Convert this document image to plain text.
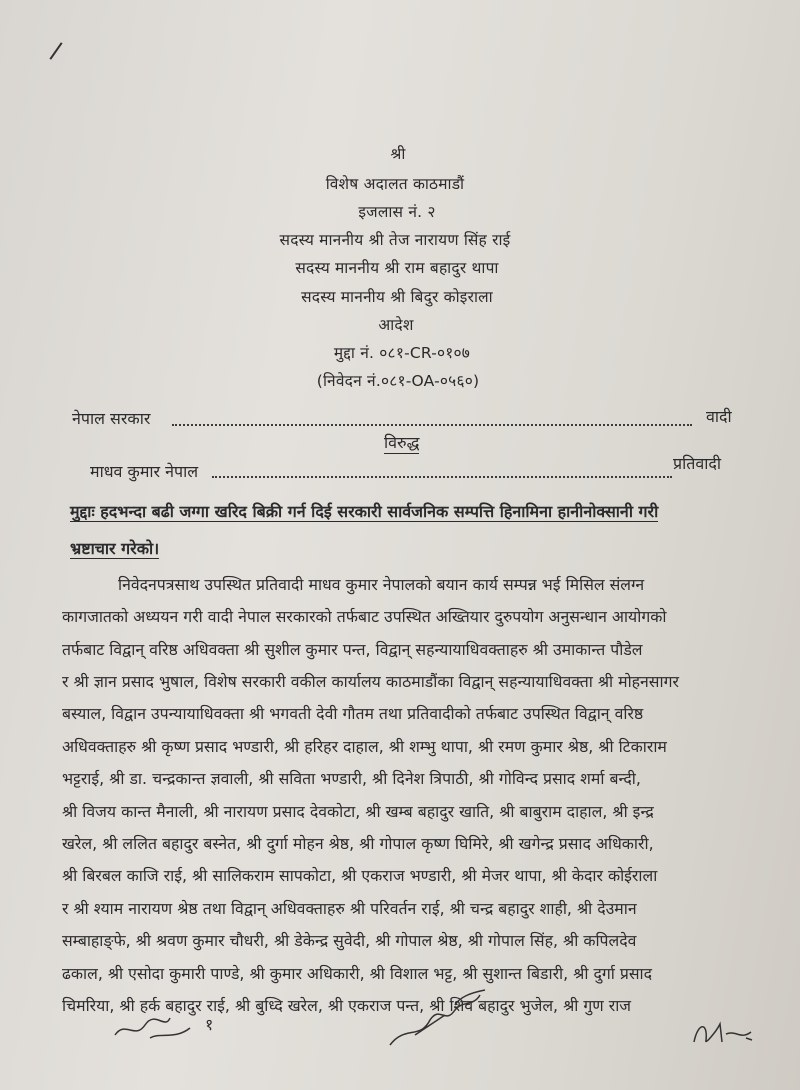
श्री
विशेष अदालत काठमाडौं
इजलास नं. २
सदस्य माननीय श्री तेज नारायण सिंह राई
सदस्य माननीय श्री राम बहादुर थापा
सदस्य माननीय श्री बिदुर कोइराला
आदेश
मुद्दा नं. ०८१-CR-०१०७
(निवेदन नं.०८१-OA-०५६०)
नेपाल सरकार	वादी
विरुद्ध
माधव कुमार नेपाल	प्रतिवादी
मुद्दाः हदभन्दा बढी जग्गा खरिद बिक्री गर्न दिई सरकारी सार्वजनिक सम्पत्ति हिनामिना हानीनोक्सानी गरी
भ्रष्टाचार गरेको।
निवेदनपत्रसाथ उपस्थित प्रतिवादी माधव कुमार नेपालको बयान कार्य सम्पन्न भई मिसिल संलग्न
कागजातको अध्ययन गरी वादी नेपाल सरकारको तर्फबाट उपस्थित अख्तियार दुरुपयोग अनुसन्धान आयोगको
तर्फबाट विद्वान् वरिष्ठ अधिवक्ता श्री सुशील कुमार पन्त, विद्वान् सहन्यायाधिवक्ताहरु श्री उमाकान्त पौडेल
र श्री ज्ञान प्रसाद भुषाल, विशेष सरकारी वकील कार्यालय काठमाडौंका विद्वान् सहन्यायाधिवक्ता श्री मोहनसागर
बस्याल, विद्वान उपन्यायाधिवक्ता श्री भगवती देवी गौतम तथा प्रतिवादीको तर्फबाट उपस्थित विद्वान् वरिष्ठ
अधिवक्ताहरु श्री कृष्ण प्रसाद भण्डारी, श्री हरिहर दाहाल, श्री शम्भु थापा, श्री रमण कुमार श्रेष्ठ, श्री टिकाराम
भट्टराई, श्री डा. चन्द्रकान्त ज्ञवाली, श्री सविता भण्डारी, श्री दिनेश त्रिपाठी, श्री गोविन्द प्रसाद शर्मा बन्दी,
श्री विजय कान्त मैनाली, श्री नारायण प्रसाद देवकोटा, श्री खम्ब बहादुर खाति, श्री बाबुराम दाहाल, श्री इन्द्र
खरेल, श्री ललित बहादुर बस्नेत, श्री दुर्गा मोहन श्रेष्ठ, श्री गोपाल कृष्ण घिमिरे, श्री खगेन्द्र प्रसाद अधिकारी,
श्री बिरबल काजि राई, श्री सालिकराम सापकोटा, श्री एकराज भण्डारी, श्री मेजर थापा, श्री केदार कोईराला
र श्री श्याम नारायण श्रेष्ठ तथा विद्वान् अधिवक्ताहरु श्री परिवर्तन राई, श्री चन्द्र बहादुर शाही, श्री देउमान
सम्बाहाङ्फे, श्री श्रवण कुमार चौधरी, श्री डेकेन्द्र सुवेदी, श्री गोपाल श्रेष्ठ, श्री गोपाल सिंह, श्री कपिलदेव
ढकाल, श्री एसोदा कुमारी पाण्डे, श्री कुमार अधिकारी, श्री विशाल भट्ट, श्री सुशान्त बिडारी, श्री दुर्गा प्रसाद
चिमरिया, श्री हर्क बहादुर राई, श्री बुध्दि खरेल, श्री एकराज पन्त, श्री शिव बहादुर भुजेल, श्री गुण राज
१
